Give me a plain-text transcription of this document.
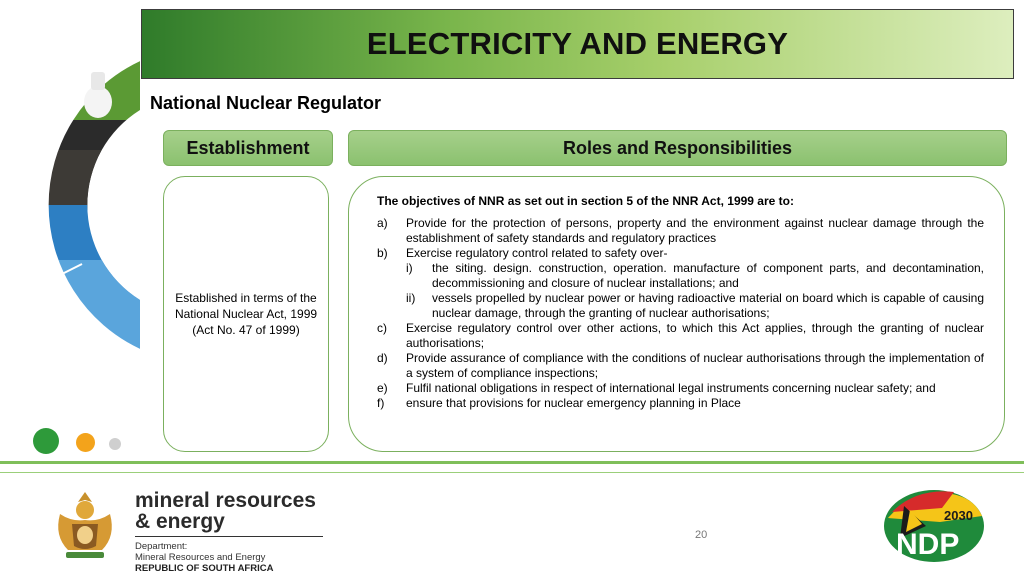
ELECTRICITY AND ENERGY
National Nuclear Regulator
Establishment	Roles and Responsibilities
Established in terms of the National Nuclear Act, 1999 (Act No. 47 of 1999)
The objectives of NNR as set out in section 5 of the NNR Act, 1999 are to:
a)	Provide for the protection of persons, property and the environment against nuclear damage through the establishment of safety standards and regulatory practices
b)	Exercise regulatory control related to safety over-
i)	the siting. design. construction, operation. manufacture of component parts, and decontamination, decommissioning and closure of nuclear installations; and
ii)	vessels propelled by nuclear power or having radioactive material on board which is capable of causing nuclear damage, through the granting of nuclear authorisations;
c)	Exercise regulatory control over other actions, to which this Act applies, through the granting of nuclear authorisations;
d)	Provide assurance of compliance with the conditions of nuclear authorisations through the implementation of a system of compliance inspections;
e)	Fulfil national obligations in respect of international legal instruments concerning nuclear safety; and
f)	ensure that provisions for nuclear emergency planning in Place
mineral resources
& energy
Department:
Mineral Resources and Energy
REPUBLIC OF SOUTH AFRICA
20
2030
NDP
